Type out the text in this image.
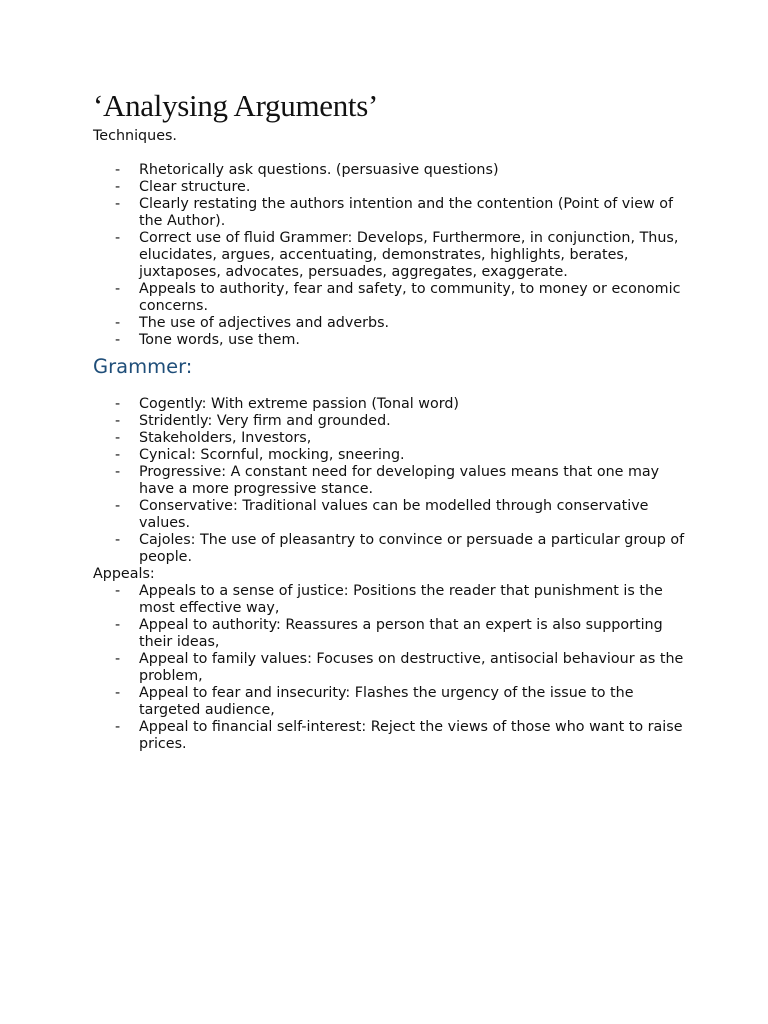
‘Analysing Arguments’

Techniques.

- Rhetorically ask questions. (persuasive questions)
- Clear structure.
- Clearly restating the authors intention and the contention (Point of view of the Author).
- Correct use of fluid Grammer: Develops, Furthermore, in conjunction, Thus, elucidates, argues, accentuating, demonstrates, highlights, berates, juxtaposes, advocates, persuades, aggregates, exaggerate.
- Appeals to authority, fear and safety, to community, to money or economic concerns.
- The use of adjectives and adverbs.
- Tone words, use them.
Grammer:
- Cogently: With extreme passion (Tonal word)
- Stridently: Very firm and grounded.
- Stakeholders, Investors,
- Cynical: Scornful, mocking, sneering.
- Progressive: A constant need for developing values means that one may have a more progressive stance.
- Conservative: Traditional values can be modelled through conservative values.
- Cajoles: The use of pleasantry to convince or persuade a particular group of people.

Appeals:

- Appeals to a sense of justice: Positions the reader that punishment is the most effective way,
- Appeal to authority: Reassures a person that an expert is also supporting their ideas,
- Appeal to family values: Focuses on destructive, antisocial behaviour as the problem,
- Appeal to fear and insecurity: Flashes the urgency of the issue to the targeted audience,
- Appeal to financial self-interest: Reject the views of those who want to raise prices.
